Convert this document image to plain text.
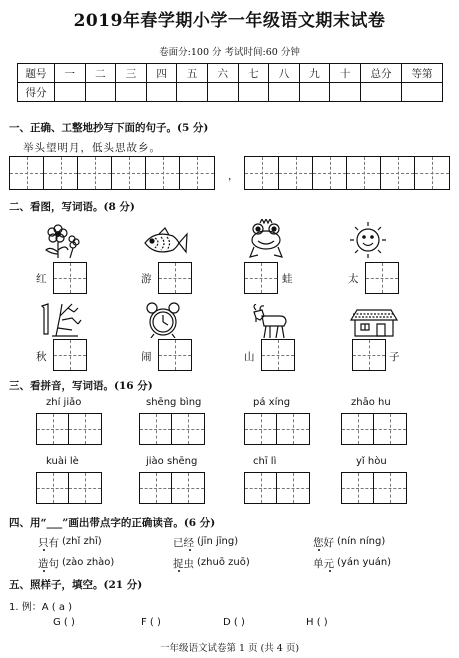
2019年春学期小学一年级语文期末试卷
卷面分:100 分 考试时间:60 分钟
题号	一	二	三	四	五	六	七	八	九	十	总分	等第
得分												
一、正确、工整地抄写下面的句子。(5 分)
举头望明月，低头思故乡。
，
二、看图，写词语。(8 分)
红	游	蛙	太
秋	闹	山	子
三、看拼音，写词语。(16 分)
zhí jiǎo	shēng bìng	pá xíng	zhāo hu
kuài lè	jiào shēng	chī lì	yǐ hòu
四、用“___”画出带点字的正确读音。(6 分)
只有 (zhǐ zhī)	已经 (jīn jīng)	您好 (nín níng)
造句 (zào zhào)	捉虫 (zhuō zuō)	单元 (yán yuán)
五、照样子，填空。(21 分)
1. 例：A ( a )
G ( )	F ( )	D ( )	H ( )
一年级语文试卷第 1 页 (共 4 页)
